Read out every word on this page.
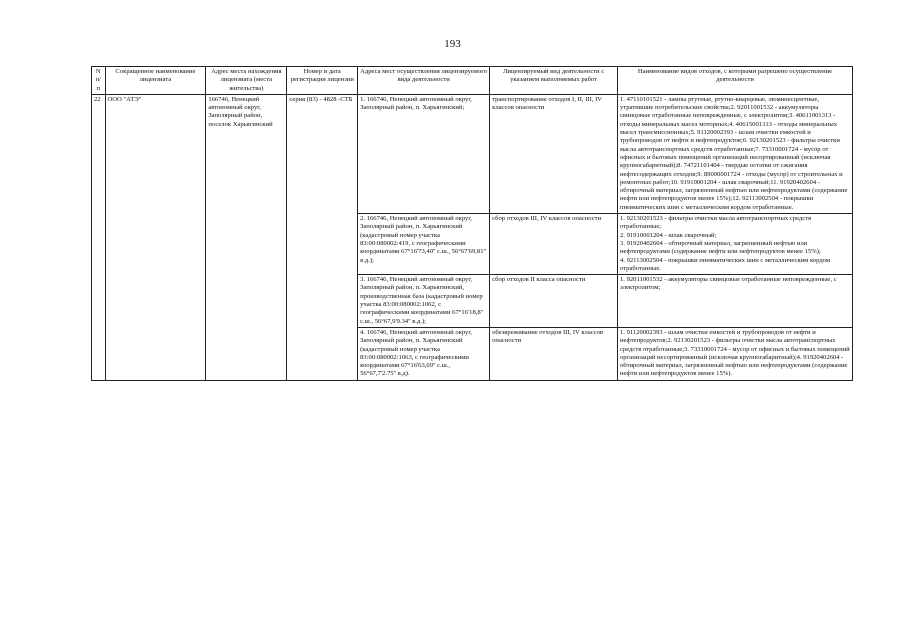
193
N п/п	Сокращенное наименование лицензиата	Адрес места нахождения лицензиата (места жительства)	Номер и дата регистрации лицензии	Адреса мест осуществления лицензируемого вида деятельности	Лицензируемый вид деятельности с указанием выполняемых работ	Наименование видов отходов, с которыми разрешено осуществление деятельности
22	ООО "АТЭ"	166746, Ненецкий автономный округ, Заполярный район, поселок Харьягинский	серия (83) - 4828 -СТБ	1. 166746, Ненецкий автономный округ, Заполярный район, п. Харьягинский;	транспортирование отходов I, II, III, IV классов опасности	1. 47110101521 - лампы ртутные, ртутно-кварцевые, люминесцентные, утратившие потребительские свойства;2. 92011001532 - аккумуляторы свинцовые отработанные неповрежденные, с электролитом;3. 40611001313 - отходы минеральных масел моторных;4. 40615001313 - отходы минеральных масел трансмиссионных;5. 91120002393 - шлам очистки емкостей и трубопроводов от нефти и нефтепродуктов;6. 92130201523 - фильтры очистки масла автотранспортных средств отработанные;7. 73310001724 - мусор от офисных и бытовых помещений организаций несортированный (исключая крупногабаритный);8. 74721101404 - твердые остатки от сжигания нефтесодержащих отходов;9. 89000001724 - отходы (мусор) от строительных и ремонтных работ;10. 91910001204 - шлак сварочный;11. 91920402604 - обтирочный материал, загрязненный нефтью или нефтепродуктами (содержание нефти или нефтепродуктов менее 15%);12. 92113002504 - покрышки пневматических шин с металлическим кордом отработанные.
				2. 166746, Ненецкий автономный округ, Заполярный район, п. Харьягинский (кадастровый номер участка 83:00:080002:419, с географическими координатами 67°16'73,40'' с.ш., 56°67'69,81'' в.д.);	сбор отходов III, IV классов опасности	1. 92130201523 - фильтры очистки масла автотранспортных средств отработанные;
2. 91910001204 - шлак сварочный;
3. 91920402604 - обтирочный материал, загрязненный нефтью или нефтепродуктами (содержание нефти или нефтепродуктов менее 15%);
4. 92113002504 - покрышки пневматических шин с металлическим кордом отработанные.
				3. 166746, Ненецкий автономный округ, Заполярный район, п. Харьягинский, производственная база (кадастровый номер участка 83:00:080002:1062, с географическими координатами 67°16'18,8'' с.ш., 56°67,9'9.34'' в.д.);	сбор отходов II класса опасности	1. 92011001532 - аккумуляторы свинцовые отработанные неповрежденные, с электролитом;
				4. 166746, Ненецкий автономный округ, Заполярный район, п. Харьягинский (кадастровый номер участка 83:00:080002:1063, с географическими координатами 67°16'63,69'' с.ш., 56°67,7'2.75'' в.д).	обезвреживание отходов III, IV классов опасности	1. 91120002393 - шлам очистки емкостей и трубопроводов от нефти и нефтепродуктов;2. 92130201523 - фильтры очистки масла автотранспортных средств отработанные;3. 73310001724 - мусор от офисных и бытовых помещений организаций несортированный (исключая крупногабаритный);4. 91920402604 - обтирочный материал, загрязненный нефтью или нефтепродуктами (содержание нефти или нефтепродуктов менее 15%).
